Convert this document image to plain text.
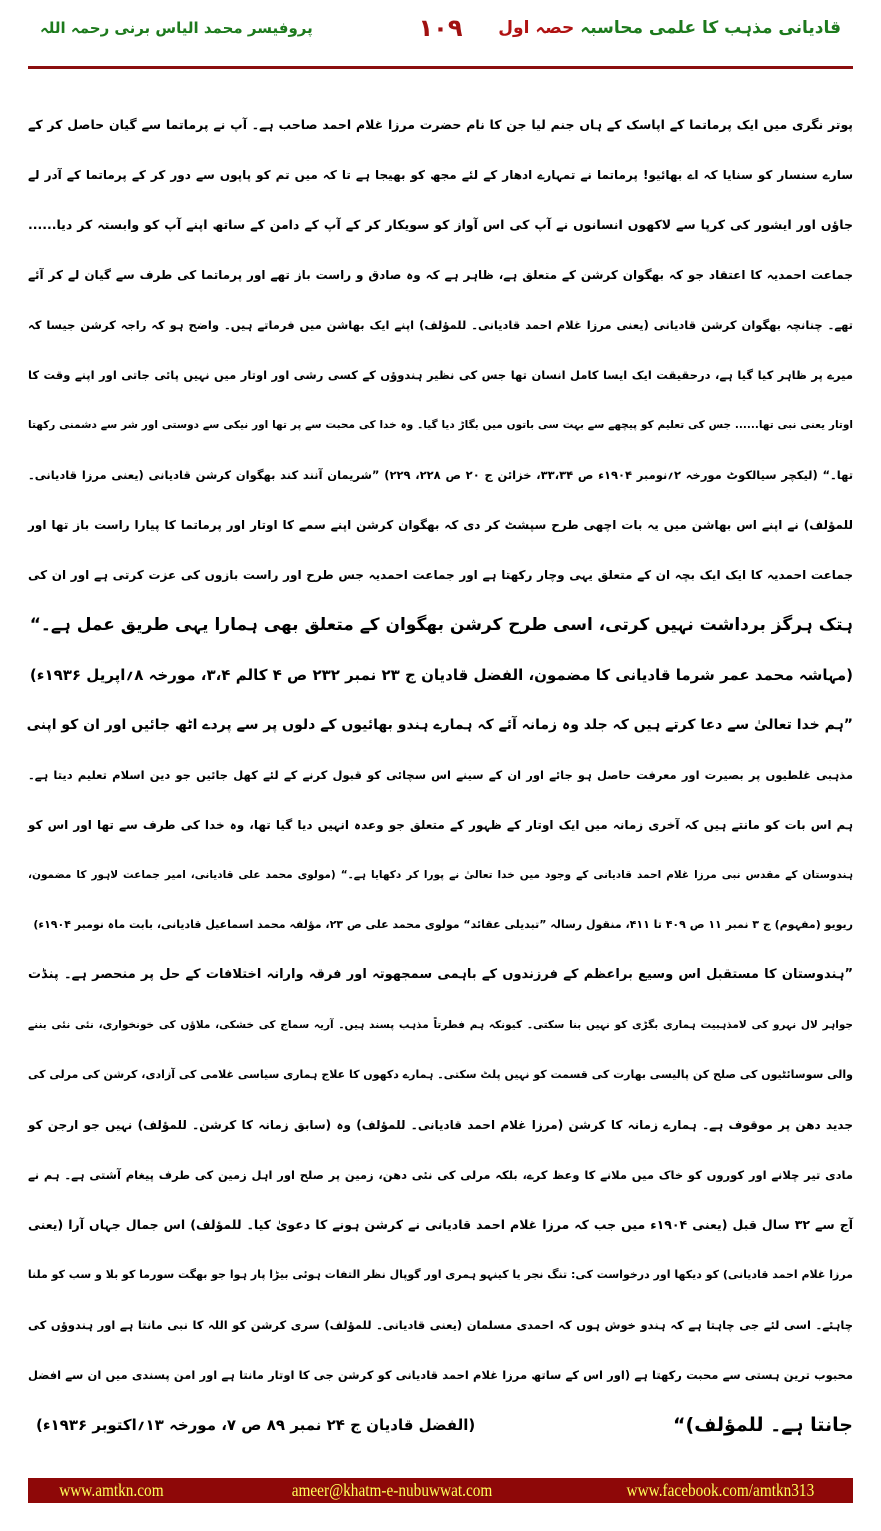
قادیانی مذہب کا علمی محاسبہ حصہ اول
۱۰۹
پروفیسر محمد الیاس برنی رحمہ اللہ
پوتر نگری میں ایک پرماتما کے اپاسک کے ہاں جنم لیا جن کا نام حضرت مرزا غلام احمد صاحب ہے۔ آپ نے پرماتما سے گیان حاصل کر کے
سارے سنسار کو سنایا کہ اے بھائیو! پرماتما نے تمہارے ادھار کے لئے مجھ کو بھیجا ہے تا کہ میں تم کو پاپوں سے دور کر کے پرماتما کے آدر لے
جاؤں اور ایشور کی کرپا سے لاکھوں انسانوں نے آپ کی اس آواز کو سویکار کر کے آپ کے دامن کے ساتھ اپنے آپ کو وابستہ کر دیا......
جماعت احمدیہ کا اعتقاد جو کہ بھگوان کرشن کے متعلق ہے، ظاہر ہے کہ وہ صادق و راست باز تھے اور پرماتما کی طرف سے گیان لے کر آئے
تھے۔ چنانچہ بھگوان کرشن قادیانی (یعنی مرزا غلام احمد قادیانی۔ للمؤلف) اپنے ایک بھاشن میں فرماتے ہیں۔ واضح ہو کہ راجہ کرشن جیسا کہ
میرے پر ظاہر کیا گیا ہے، درحقیقت ایک ایسا کامل انسان تھا جس کی نظیر ہندوؤں کے کسی رشی اور اوتار میں نہیں پائی جاتی اور اپنے وقت کا
اوتار یعنی نبی تھا...... جس کی تعلیم کو پیچھے سے بہت سی باتوں میں بگاڑ دیا گیا۔ وہ خدا کی محبت سے پر تھا اور نیکی سے دوستی اور شر سے دشمنی رکھتا
تھا۔“ (لیکچر سیالکوٹ مورخہ ۲؍نومبر ۱۹۰۴ء ص ۳۳،۳۴، خزائن ج ۲۰ ص ۲۲۸، ۲۲۹) ”شریمان آنند کند بھگوان کرشن قادیانی (یعنی مرزا قادیانی۔
للمؤلف) نے اپنے اس بھاشن میں یہ بات اچھی طرح سپشٹ کر دی کہ بھگوان کرشن اپنے سمے کا اوتار اور پرماتما کا پیارا راست باز تھا اور
جماعت احمدیہ کا ایک ایک بچہ ان کے متعلق یہی وچار رکھتا ہے اور جماعت احمدیہ جس طرح اور راست بازوں کی عزت کرتی ہے اور ان کی
ہتک ہرگز برداشت نہیں کرتی، اسی طرح کرشن بھگوان کے متعلق بھی ہمارا یہی طریق عمل ہے۔“
(مہاشہ محمد عمر شرما قادیانی کا مضمون، الفضل قادیان ج ۲۳ نمبر ۲۳۲ ص ۴ کالم ۳،۴، مورخہ ۸؍اپریل ۱۹۳۶ء)
”ہم خدا تعالیٰ سے دعا کرتے ہیں کہ جلد وہ زمانہ آئے کہ ہمارے ہندو بھائیوں کے دلوں پر سے پردے اٹھ جائیں اور ان کو اپنی
مذہبی غلطیوں پر بصیرت اور معرفت حاصل ہو جائے اور ان کے سینے اس سچائی کو قبول کرنے کے لئے کھل جائیں جو دین اسلام تعلیم دیتا ہے۔
ہم اس بات کو مانتے ہیں کہ آخری زمانہ میں ایک اوتار کے ظہور کے متعلق جو وعدہ انہیں دیا گیا تھا، وہ خدا کی طرف سے تھا اور اس کو
ہندوستان کے مقدس نبی مرزا غلام احمد قادیانی کے وجود میں خدا تعالیٰ نے پورا کر دکھایا ہے۔“ (مولوی محمد علی قادیانی، امیر جماعت لاہور کا مضمون،
ریویو (مفہوم) ج ۳ نمبر ۱۱ ص ۴۰۹ تا ۴۱۱، منقول رسالہ ”تبدیلی عقائد“ مولوی محمد علی ص ۲۳، مؤلفہ محمد اسماعیل قادیانی، بابت ماہ نومبر ۱۹۰۴ء)
”ہندوستان کا مستقبل اس وسیع براعظم کے فرزندوں کے باہمی سمجھوتہ اور فرقہ وارانہ اختلافات کے حل پر منحصر ہے۔ پنڈت
جواہر لال نہرو کی لامذہبیت ہماری بگڑی کو نہیں بنا سکتی۔ کیونکہ ہم فطرتاً مذہب پسند ہیں۔ آریہ سماج کی خشکی، ملاؤں کی خونخواری، نئی نئی بننے
والی سوسائٹیوں کی صلح کن پالیسی بھارت کی قسمت کو نہیں پلٹ سکتی۔ ہمارے دکھوں کا علاج ہماری سیاسی غلامی کی آزادی، کرشن کی مرلی کی
جدید دھن پر موقوف ہے۔ ہمارے زمانہ کا کرشن (مرزا غلام احمد قادیانی۔ للمؤلف) وہ (سابق زمانہ کا کرشن۔ للمؤلف) نہیں جو ارجن کو
مادی تیر چلانے اور کوروں کو خاک میں ملانے کا وعظ کرے، بلکہ مرلی کی نئی دھن، زمین پر صلح اور اہل زمین کی طرف پیغام آشتی ہے۔ ہم نے
آج سے ۳۲ سال قبل (یعنی ۱۹۰۴ء میں جب کہ مرزا غلام احمد قادیانی نے کرشن ہونے کا دعویٰ کیا۔ للمؤلف) اس جمال جہاں آرا (یعنی
مرزا غلام احمد قادیانی) کو دیکھا اور درخواست کی: تنگ نجر یا کینہو ہمری اور گوپال نظر التفات ہوئی بیڑا پار ہوا جو بھگت سورما کو بلا و سب کو ملنا
چاہئے۔ اسی لئے جی چاہتا ہے کہ ہندو خوش ہوں کہ احمدی مسلمان (یعنی قادیانی۔ للمؤلف) سری کرشن کو اللہ کا نبی مانتا ہے اور ہندوؤں کی
محبوب ترین ہستی سے محبت رکھتا ہے (اور اس کے ساتھ مرزا غلام احمد قادیانی کو کرشن جی کا اوتار مانتا ہے اور امن پسندی میں ان سے افضل
جانتا ہے۔ للمؤلف)“
(الفضل قادیان ج ۲۴ نمبر ۸۹ ص ۷، مورخہ ۱۳؍اکتوبر ۱۹۳۶ء)
www.amtkn.com	ameer@khatm-e-nubuwwat.com	www.facebook.com/amtkn313
